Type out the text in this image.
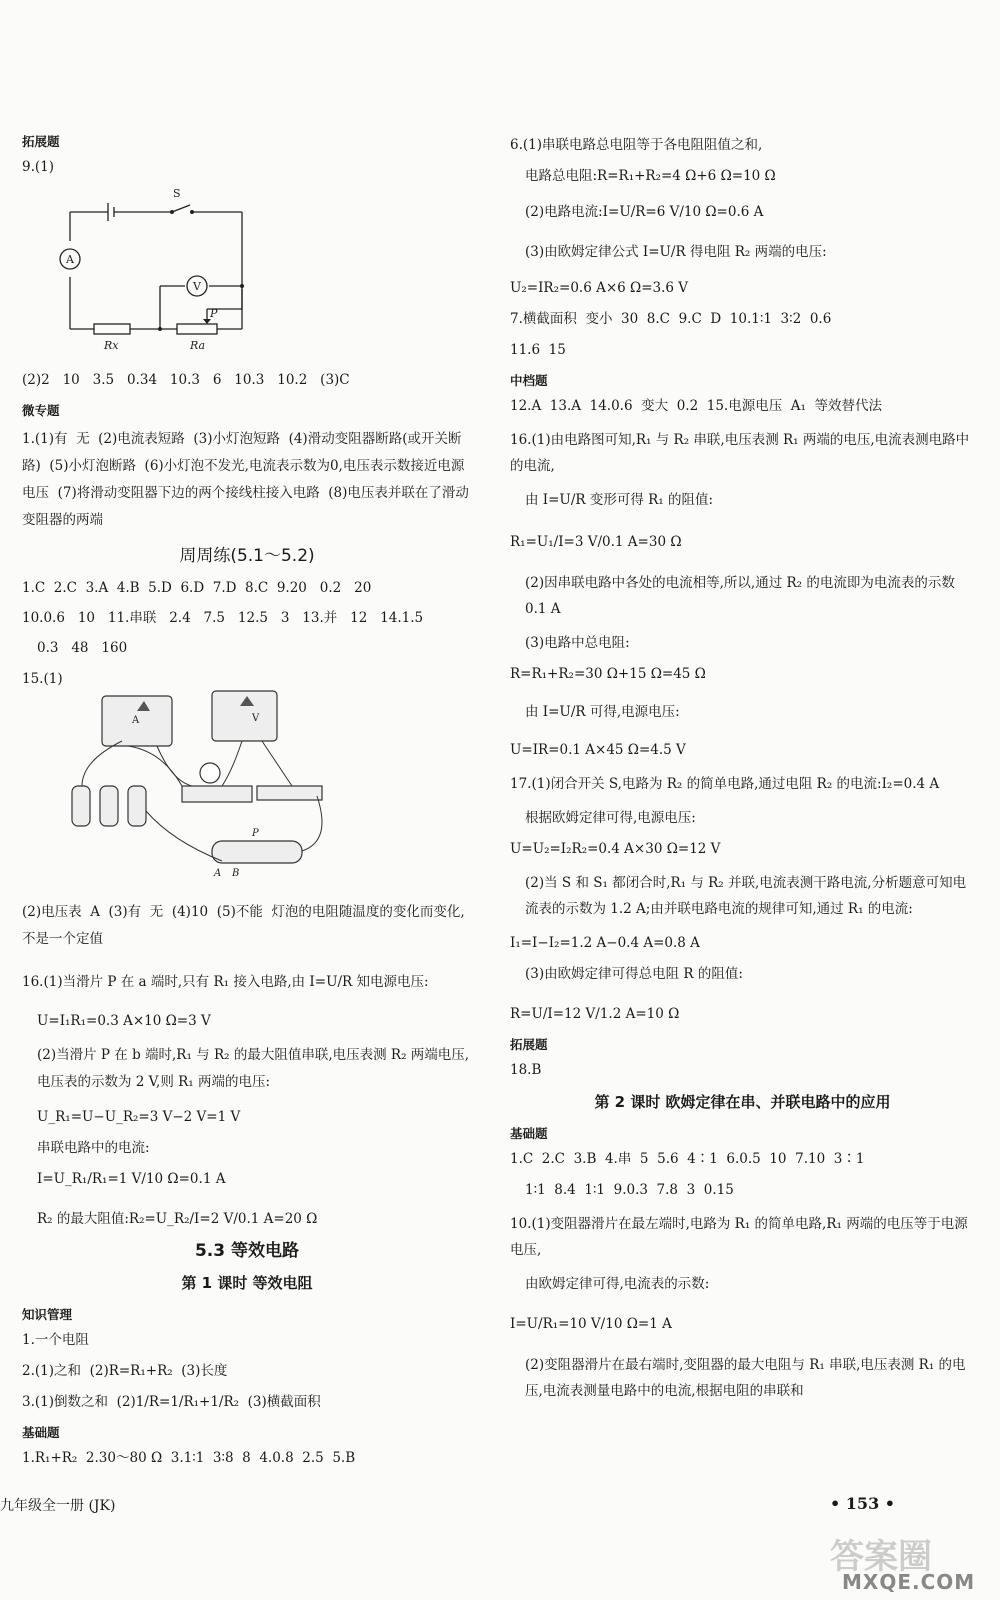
拓展题
9.(1)
S
A
V
P
Rx	Ra
(2)2   10   3.5   0.34   10.3   6   10.3   10.2   (3)C
微专题
1.(1)有  无  (2)电流表短路  (3)小灯泡短路  (4)滑动变阻器断路(或开关断路)  (5)小灯泡断路  (6)小灯泡不发光,电流表示数为0,电压表示数接近电源电压  (7)将滑动变阻器下边的两个接线柱接入电路  (8)电压表并联在了滑动变阻器的两端
周周练(5.1～5.2)
1.C  2.C  3.A  4.B  5.D  6.D  7.D  8.C  9.20   0.2   20
10.0.6   10   11.串联   2.4   7.5   12.5   3   13.并   12   14.1.5
0.3   48   160
15.(1)
A	V
P
A B
(2)电压表  A  (3)有  无  (4)10  (5)不能  灯泡的电阻随温度的变化而变化,不是一个定值
16.(1)当滑片 P 在 a 端时,只有 R₁ 接入电路,由 I=U/R 知电源电压:
U=I₁R₁=0.3 A×10 Ω=3 V
(2)当滑片 P 在 b 端时,R₁ 与 R₂ 的最大阻值串联,电压表测 R₂ 两端电压,电压表的示数为 2 V,则 R₁ 两端的电压:
U_R₁=U−U_R₂=3 V−2 V=1 V
串联电路中的电流:
I=U_R₁/R₁=1 V/10 Ω=0.1 A
R₂ 的最大阻值:R₂=U_R₂/I=2 V/0.1 A=20 Ω
5.3 等效电路
第 1 课时 等效电阻
知识管理
1.一个电阻
2.(1)之和  (2)R=R₁+R₂  (3)长度
3.(1)倒数之和  (2)1/R=1/R₁+1/R₂  (3)横截面积
基础题
1.R₁+R₂  2.30～80 Ω  3.1∶1  3∶8  8  4.0.8  2.5  5.B
九年级全一册 (JK)
6.(1)串联电路总电阻等于各电阻阻值之和,
电路总电阻:R=R₁+R₂=4 Ω+6 Ω=10 Ω
(2)电路电流:I=U/R=6 V/10 Ω=0.6 A
(3)由欧姆定律公式 I=U/R 得电阻 R₂ 两端的电压:
U₂=IR₂=0.6 A×6 Ω=3.6 V
7.横截面积  变小  30  8.C  9.C  D  10.1∶1  3∶2  0.6
11.6  15
中档题
12.A  13.A  14.0.6  变大  0.2  15.电源电压  A₁  等效替代法
16.(1)由电路图可知,R₁ 与 R₂ 串联,电压表测 R₁ 两端的电压,电流表测电路中的电流,
由 I=U/R 变形可得 R₁ 的阻值:
R₁=U₁/I=3 V/0.1 A=30 Ω
(2)因串联电路中各处的电流相等,所以,通过 R₂ 的电流即为电流表的示数 0.1 A
(3)电路中总电阻:
R=R₁+R₂=30 Ω+15 Ω=45 Ω
由 I=U/R 可得,电源电压:
U=IR=0.1 A×45 Ω=4.5 V
17.(1)闭合开关 S,电路为 R₂ 的简单电路,通过电阻 R₂ 的电流:I₂=0.4 A
根据欧姆定律可得,电源电压:
U=U₂=I₂R₂=0.4 A×30 Ω=12 V
(2)当 S 和 S₁ 都闭合时,R₁ 与 R₂ 并联,电流表测干路电流,分析题意可知电流表的示数为 1.2 A;由并联电路电流的规律可知,通过 R₁ 的电流:
I₁=I−I₂=1.2 A−0.4 A=0.8 A
(3)由欧姆定律可得总电阻 R 的阻值:
R=U/I=12 V/1.2 A=10 Ω
拓展题
18.B
第 2 课时 欧姆定律在串、并联电路中的应用
基础题
1.C  2.C  3.B  4.串  5  5.6  4∶1  6.0.5  10  7.10  3∶1
1∶1  8.4  1∶1  9.0.3  7.8  3  0.15
10.(1)变阻器滑片在最左端时,电路为 R₁ 的简单电路,R₁ 两端的电压等于电源电压,
由欧姆定律可得,电流表的示数:
I=U/R₁=10 V/10 Ω=1 A
(2)变阻器滑片在最右端时,变阻器的最大电阻与 R₁ 串联,电压表测 R₁ 的电压,电流表测量电路中的电流,根据电阻的串联和
• 153 •
答案圈
MXQE.COM
